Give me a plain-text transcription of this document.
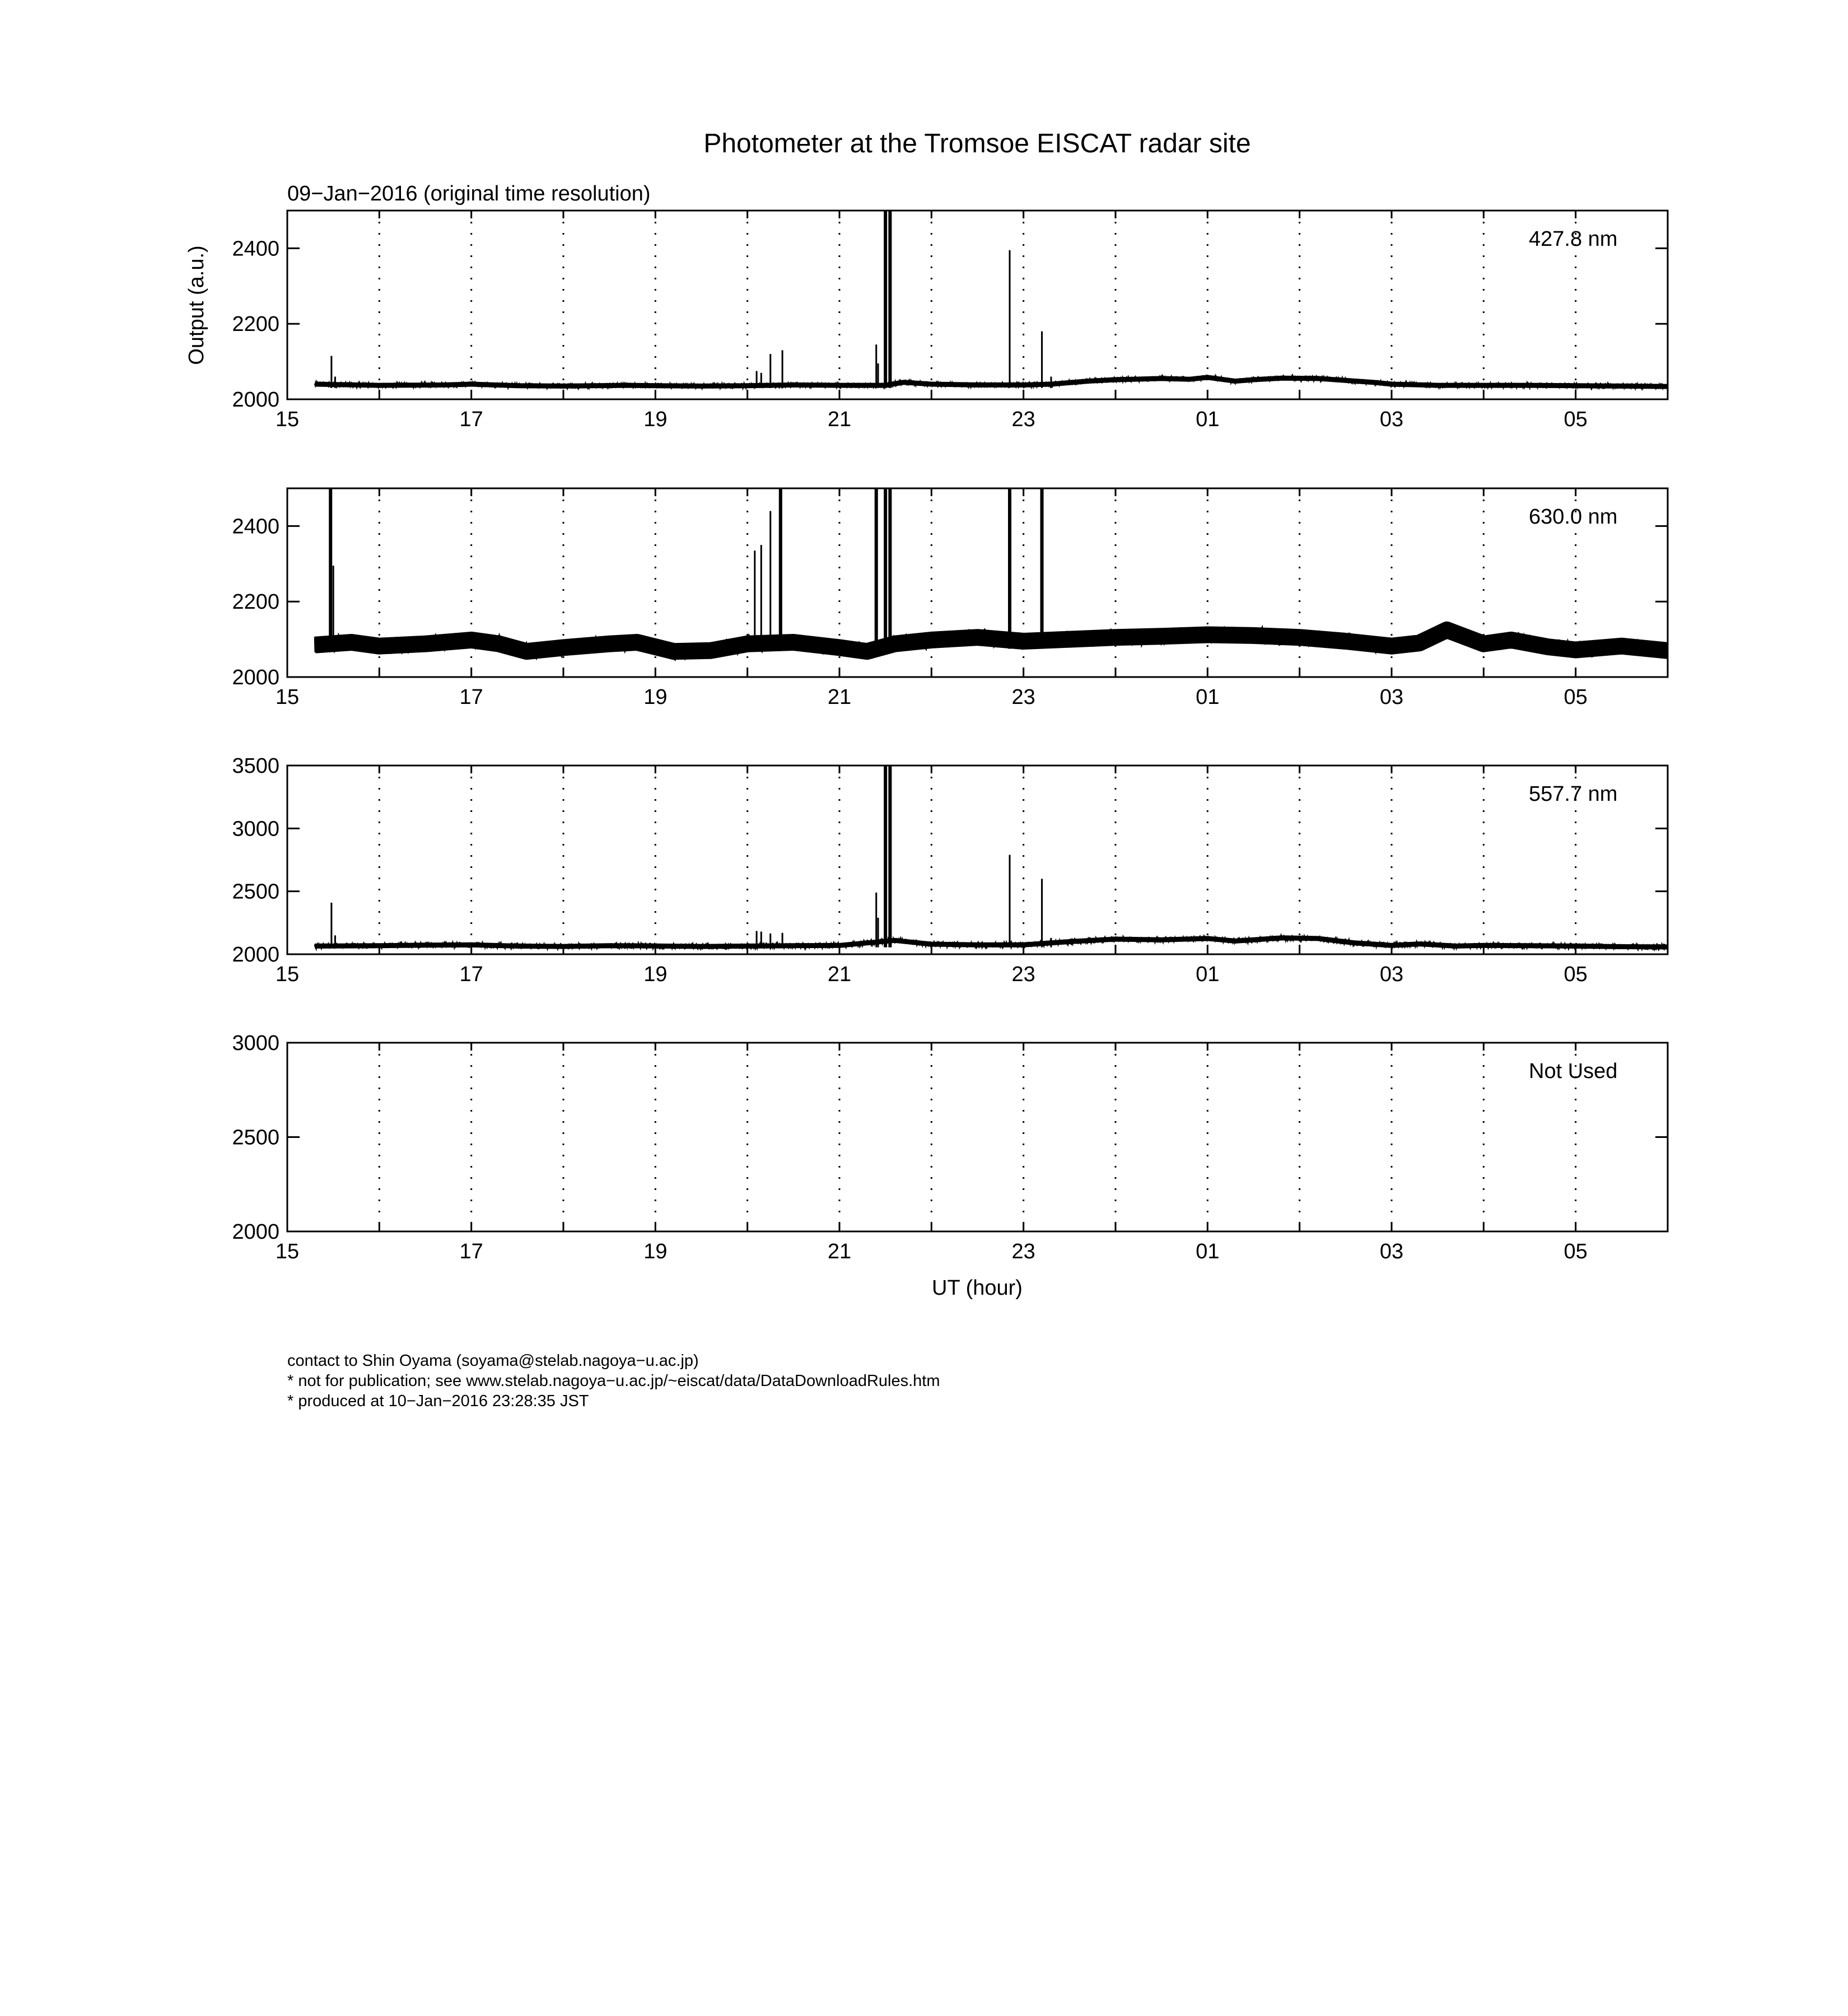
Photometer at the Tromsoe EISCAT radar site
09−Jan−2016 (original time resolution)
Output (a.u.)
UT (hour)
15	17	19	21	23	01	03	05
2000
2200
2400	427.8 nm
15	17	19	21	23	01	03	05
2000
2200
2400	630.0 nm
15	17	19	21	23	01	03	05
2000
2500
3000
3500
557.7 nm
15	17	19	21	23	01	03	05
2000
2500
3000
Not Used
contact to Shin Oyama (soyama@stelab.nagoya−u.ac.jp)
* not for publication; see www.stelab.nagoya−u.ac.jp/~eiscat/data/DataDownloadRules.htm
* produced at 10−Jan−2016 23:28:35 JST
